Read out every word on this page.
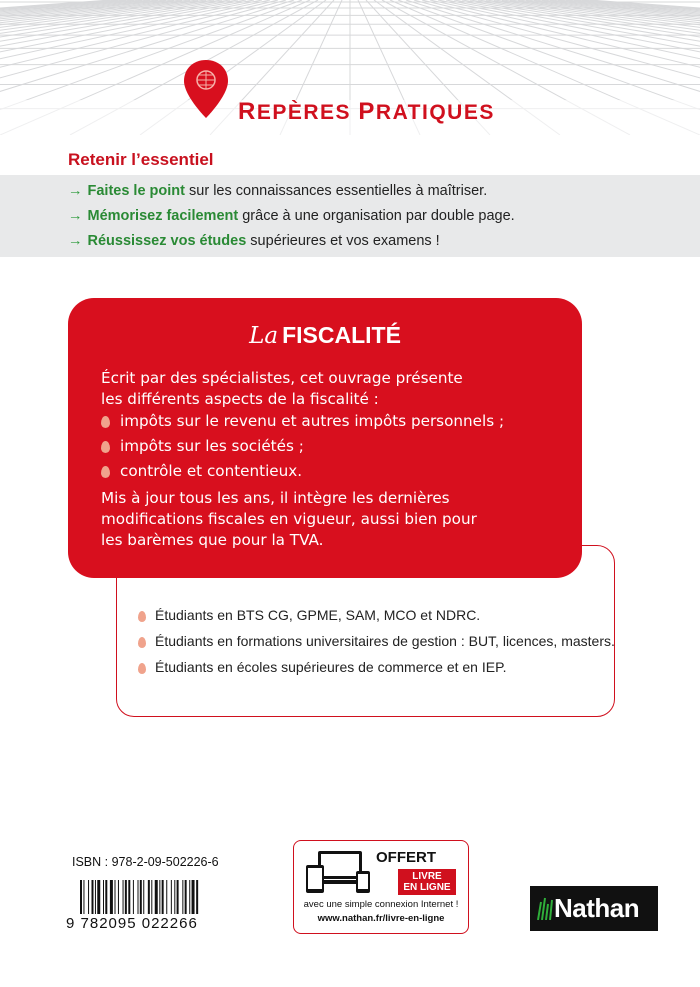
REPÈRES PRATIQUES
Retenir l’essentiel
→ Faites le point sur les connaissances essentielles à maîtriser.
→ Mémorisez facilement grâce à une organisation par double page.
→ Réussissez vos études supérieures et vos examens !
La FISCALITÉ
Écrit par des spécialistes, cet ouvrage présente
les différents aspects de la fiscalité :
impôts sur le revenu et autres impôts personnels ;
impôts sur les sociétés ;
contrôle et contentieux.
Mis à jour tous les ans, il intègre les dernières
modifications fiscales en vigueur, aussi bien pour
les barèmes que pour la TVA.
Étudiants en BTS CG, GPME, SAM, MCO et NDRC.
Étudiants en formations universitaires de gestion : BUT, licences, masters.
Étudiants en écoles supérieures de commerce et en IEP.
ISBN : 978-2-09-502226-6
9 782095 022266
OFFERT
LIVRE
EN LIGNE
avec une simple connexion Internet !
www.nathan.fr/livre-en-ligne	Nathan
